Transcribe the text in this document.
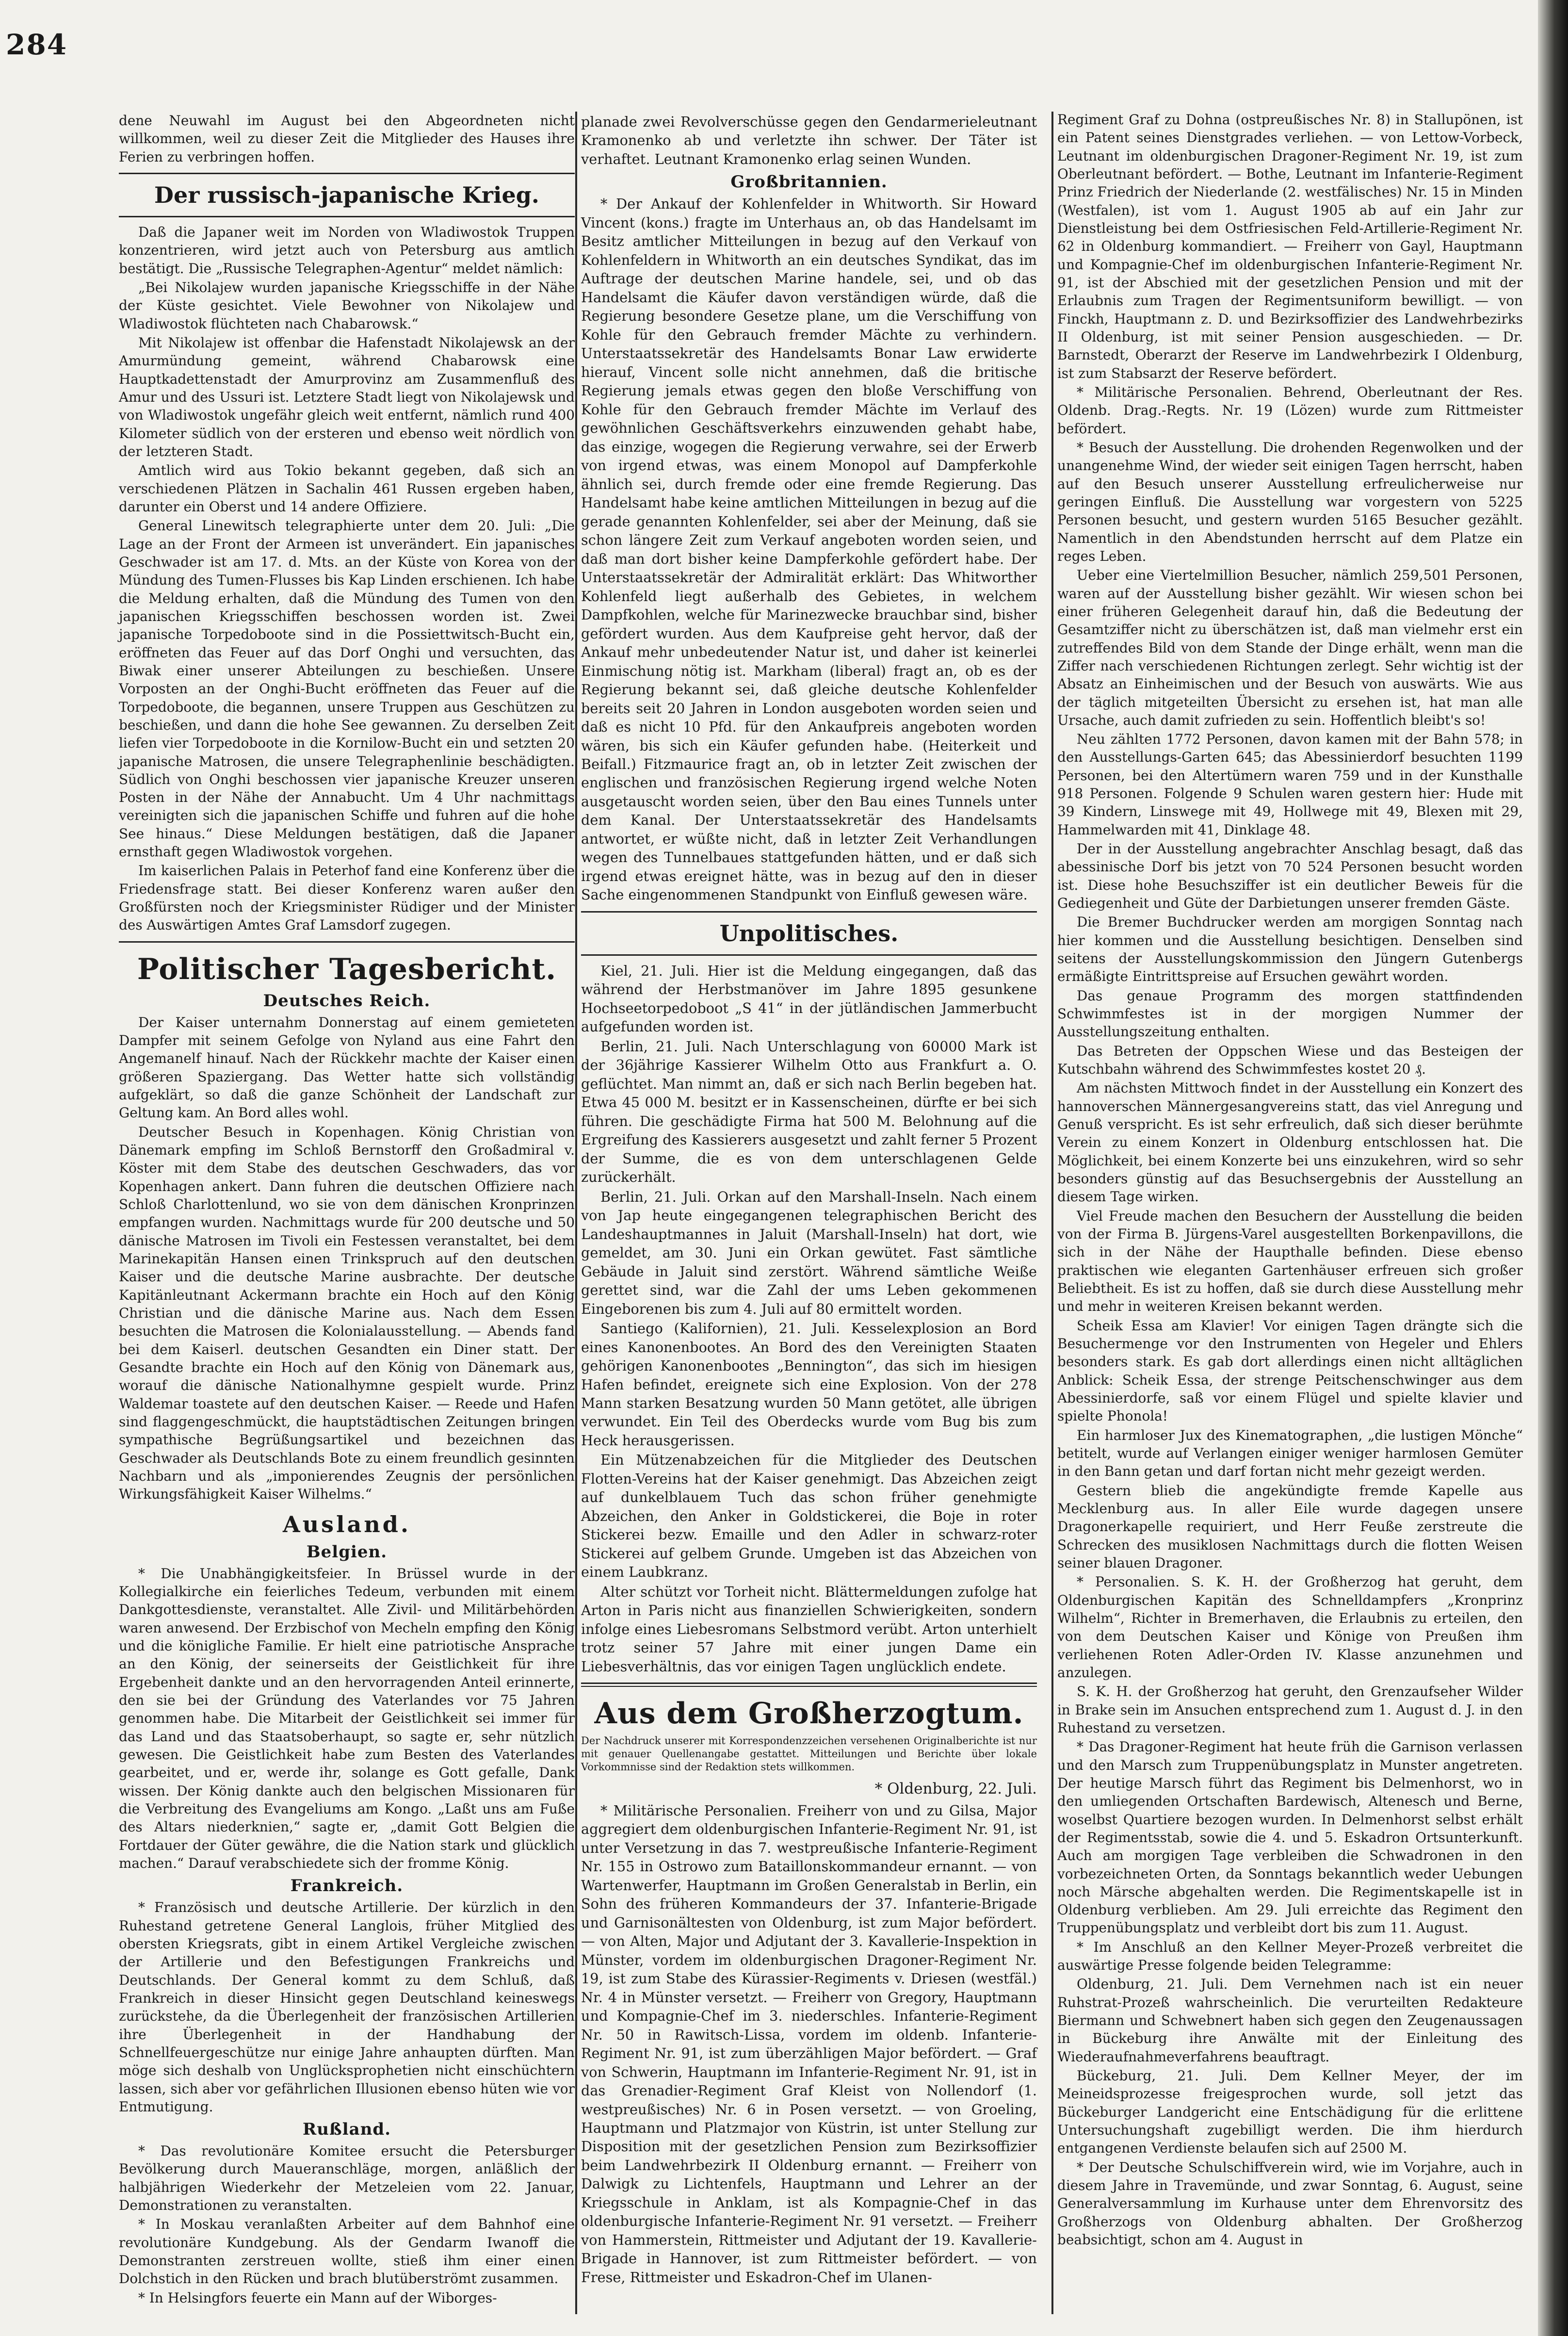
284

dene Neuwahl im August bei den Abgeordneten nicht willkommen, weil zu dieser Zeit die Mitglieder des Hauses ihre Ferien zu verbringen hoffen.

Der russisch-japanische Krieg.

Daß die Japaner weit im Norden von Wladiwostok Truppen konzentrieren, wird jetzt auch von Petersburg aus amtlich bestätigt. Die „Russische Telegraphen-Agentur“ meldet nämlich:

„Bei Nikolajew wurden japanische Kriegsschiffe in der Nähe der Küste gesichtet. Viele Bewohner von Nikolajew und Wladiwostok flüchteten nach Chabarowsk.“

Mit Nikolajew ist offenbar die Hafenstadt Nikolajewsk an der Amurmündung gemeint, während Chabarowsk eine Hauptkadettenstadt der Amurprovinz am Zusammenfluß des Amur und des Ussuri ist. Letztere Stadt liegt von Nikolajewsk und von Wladiwostok ungefähr gleich weit entfernt, nämlich rund 400 Kilometer südlich von der ersteren und ebenso weit nördlich von der letzteren Stadt.

Amtlich wird aus Tokio bekannt gegeben, daß sich an verschiedenen Plätzen in Sachalin 461 Russen ergeben haben, darunter ein Oberst und 14 andere Offiziere.

General Linewitsch telegraphierte unter dem 20. Juli: „Die Lage an der Front der Armeen ist unverändert. Ein japanisches Geschwader ist am 17. d. Mts. an der Küste von Korea von der Mündung des Tumen-Flusses bis Kap Linden erschienen. Ich habe die Meldung erhalten, daß die Mündung des Tumen von den japanischen Kriegsschiffen beschossen worden ist. Zwei japanische Torpedoboote sind in die Possiettwitsch-Bucht ein, eröffneten das Feuer auf das Dorf Onghi und versuchten, das Biwak einer unserer Abteilungen zu beschießen. Unsere Vorposten an der Onghi-Bucht eröffneten das Feuer auf die Torpedoboote, die begannen, unsere Truppen aus Geschützen zu beschießen, und dann die hohe See gewannen. Zu derselben Zeit liefen vier Torpedoboote in die Kornilow-Bucht ein und setzten 20 japanische Matrosen, die unsere Telegraphenlinie beschädigten. Südlich von Onghi beschossen vier japanische Kreuzer unseren Posten in der Nähe der Annabucht. Um 4 Uhr nachmittags vereinigten sich die japanischen Schiffe und fuhren auf die hohe See hinaus.“ Diese Meldungen bestätigen, daß die Japaner ernsthaft gegen Wladiwostok vorgehen.

Im kaiserlichen Palais in Peterhof fand eine Konferenz über die Friedensfrage statt. Bei dieser Konferenz waren außer den Großfürsten noch der Kriegsminister Rüdiger und der Minister des Auswärtigen Amtes Graf Lamsdorf zugegen.

Politischer Tagesbericht.
Deutsches Reich.

Der Kaiser unternahm Donnerstag auf einem gemieteten Dampfer mit seinem Gefolge von Nyland aus eine Fahrt den Angemanelf hinauf. Nach der Rückkehr machte der Kaiser einen größeren Spaziergang. Das Wetter hatte sich vollständig aufgeklärt, so daß die ganze Schönheit der Landschaft zur Geltung kam. An Bord alles wohl.

Deutscher Besuch in Kopenhagen. König Christian von Dänemark empfing im Schloß Bernstorff den Großadmiral v. Köster mit dem Stabe des deutschen Geschwaders, das vor Kopenhagen ankert. Dann fuhren die deutschen Offiziere nach Schloß Charlottenlund, wo sie von dem dänischen Kronprinzen empfangen wurden. Nachmittags wurde für 200 deutsche und 50 dänische Matrosen im Tivoli ein Festessen veranstaltet, bei dem Marinekapitän Hansen einen Trinkspruch auf den deutschen Kaiser und die deutsche Marine ausbrachte. Der deutsche Kapitänleutnant Ackermann brachte ein Hoch auf den König Christian und die dänische Marine aus. Nach dem Essen besuchten die Matrosen die Kolonialausstellung. — Abends fand bei dem Kaiserl. deutschen Gesandten ein Diner statt. Der Gesandte brachte ein Hoch auf den König von Dänemark aus, worauf die dänische Nationalhymne gespielt wurde. Prinz Waldemar toastete auf den deutschen Kaiser. — Reede und Hafen sind flaggengeschmückt, die hauptstädtischen Zeitungen bringen sympathische Begrüßungsartikel und bezeichnen das Geschwader als Deutschlands Bote zu einem freundlich gesinnten Nachbarn und als „imponierendes Zeugnis der persönlichen Wirkungsfähigkeit Kaiser Wilhelms.“

Ausland.
Belgien.

* Die Unabhängigkeitsfeier. In Brüssel wurde in der Kollegialkirche ein feierliches Tedeum, verbunden mit einem Dankgottesdienste, veranstaltet. Alle Zivil- und Militärbehörden waren anwesend. Der Erzbischof von Mecheln empfing den König und die königliche Familie. Er hielt eine patriotische Ansprache an den König, der seinerseits der Geistlichkeit für ihre Ergebenheit dankte und an den hervorragenden Anteil erinnerte, den sie bei der Gründung des Vaterlandes vor 75 Jahren genommen habe. Die Mitarbeit der Geistlichkeit sei immer für das Land und das Staatsoberhaupt, so sagte er, sehr nützlich gewesen. Die Geistlichkeit habe zum Besten des Vaterlandes gearbeitet, und er, werde ihr, solange es Gott gefalle, Dank wissen. Der König dankte auch den belgischen Missionaren für die Verbreitung des Evangeliums am Kongo. „Laßt uns am Fuße des Altars niederknien,“ sagte er, „damit Gott Belgien die Fortdauer der Güter gewähre, die die Nation stark und glücklich machen.“ Darauf verabschiedete sich der fromme König.

Frankreich.

* Französisch und deutsche Artillerie. Der kürzlich in den Ruhestand getretene General Langlois, früher Mitglied des obersten Kriegsrats, gibt in einem Artikel Vergleiche zwischen der Artillerie und den Befestigungen Frankreichs und Deutschlands. Der General kommt zu dem Schluß, daß Frankreich in dieser Hinsicht gegen Deutschland keineswegs zurückstehe, da die Überlegenheit der französischen Artillerien ihre Überlegenheit in der Handhabung der Schnellfeuergeschütze nur einige Jahre anhaupten dürften. Man möge sich deshalb von Unglücksprophetien nicht einschüchtern lassen, sich aber vor gefährlichen Illusionen ebenso hüten wie vor Entmutigung.

Rußland.

* Das revolutionäre Komitee ersucht die Petersburger Bevölkerung durch Maueranschläge, morgen, anläßlich der halbjährigen Wiederkehr der Metzeleien vom 22. Januar, Demonstrationen zu veranstalten.

* In Moskau veranlaßten Arbeiter auf dem Bahnhof eine revolutionäre Kundgebung. Als der Gendarm Iwanoff die Demonstranten zerstreuen wollte, stieß ihm einer einen Dolchstich in den Rücken und brach blutüberströmt zusammen.

* In Helsingfors feuerte ein Mann auf der Wiborges-

planade zwei Revolverschüsse gegen den Gendarmerieleutnant Kramonenko ab und verletzte ihn schwer. Der Täter ist verhaftet. Leutnant Kramonenko erlag seinen Wunden.

Großbritannien.

* Der Ankauf der Kohlenfelder in Whitworth. Sir Howard Vincent (kons.) fragte im Unterhaus an, ob das Handelsamt im Besitz amtlicher Mitteilungen in bezug auf den Verkauf von Kohlenfeldern in Whitworth an ein deutsches Syndikat, das im Auftrage der deutschen Marine handele, sei, und ob das Handelsamt die Käufer davon verständigen würde, daß die Regierung besondere Gesetze plane, um die Verschiffung von Kohle für den Gebrauch fremder Mächte zu verhindern. Unterstaatssekretär des Handelsamts Bonar Law erwiderte hierauf, Vincent solle nicht annehmen, daß die britische Regierung jemals etwas gegen den bloße Verschiffung von Kohle für den Gebrauch fremder Mächte im Verlauf des gewöhnlichen Geschäftsverkehrs einzuwenden gehabt habe, das einzige, wogegen die Regierung verwahre, sei der Erwerb von irgend etwas, was einem Monopol auf Dampferkohle ähnlich sei, durch fremde oder eine fremde Regierung. Das Handelsamt habe keine amtlichen Mitteilungen in bezug auf die gerade genannten Kohlenfelder, sei aber der Meinung, daß sie schon längere Zeit zum Verkauf angeboten worden seien, und daß man dort bisher keine Dampferkohle gefördert habe. Der Unterstaatssekretär der Admiralität erklärt: Das Whitworther Kohlenfeld liegt außerhalb des Gebietes, in welchem Dampfkohlen, welche für Marinezwecke brauchbar sind, bisher gefördert wurden. Aus dem Kaufpreise geht hervor, daß der Ankauf mehr unbedeutender Natur ist, und daher ist keinerlei Einmischung nötig ist. Markham (liberal) fragt an, ob es der Regierung bekannt sei, daß gleiche deutsche Kohlenfelder bereits seit 20 Jahren in London ausgeboten worden seien und daß es nicht 10 Pfd. für den Ankaufpreis angeboten worden wären, bis sich ein Käufer gefunden habe. (Heiterkeit und Beifall.) Fitzmaurice fragt an, ob in letzter Zeit zwischen der englischen und französischen Regierung irgend welche Noten ausgetauscht worden seien, über den Bau eines Tunnels unter dem Kanal. Der Unterstaatssekretär des Handelsamts antwortet, er wüßte nicht, daß in letzter Zeit Verhandlungen wegen des Tunnelbaues stattgefunden hätten, und er daß sich irgend etwas ereignet hätte, was in bezug auf den in dieser Sache eingenommenen Standpunkt von Einfluß gewesen wäre.

Unpolitisches.

Kiel, 21. Juli. Hier ist die Meldung eingegangen, daß das während der Herbstmanöver im Jahre 1895 gesunkene Hochseetorpedoboot „S 41“ in der jütländischen Jammerbucht aufgefunden worden ist.

Berlin, 21. Juli. Nach Unterschlagung von 60000 Mark ist der 36jährige Kassierer Wilhelm Otto aus Frankfurt a. O. geflüchtet. Man nimmt an, daß er sich nach Berlin begeben hat. Etwa 45 000 M. besitzt er in Kassenscheinen, dürfte er bei sich führen. Die geschädigte Firma hat 500 M. Belohnung auf die Ergreifung des Kassierers ausgesetzt und zahlt ferner 5 Prozent der Summe, die es von dem unterschlagenen Gelde zurückerhält.

Berlin, 21. Juli. Orkan auf den Marshall-Inseln. Nach einem von Jap heute eingegangenen telegraphischen Bericht des Landeshauptmannes in Jaluit (Marshall-Inseln) hat dort, wie gemeldet, am 30. Juni ein Orkan gewütet. Fast sämtliche Gebäude in Jaluit sind zerstört. Während sämtliche Weiße gerettet sind, war die Zahl der ums Leben gekommenen Eingeborenen bis zum 4. Juli auf 80 ermittelt worden.

Santiego (Kalifornien), 21. Juli. Kesselexplosion an Bord eines Kanonenbootes. An Bord des den Vereinigten Staaten gehörigen Kanonenbootes „Bennington“, das sich im hiesigen Hafen befindet, ereignete sich eine Explosion. Von der 278 Mann starken Besatzung wurden 50 Mann getötet, alle übrigen verwundet. Ein Teil des Oberdecks wurde vom Bug bis zum Heck herausgerissen.

Ein Mützenabzeichen für die Mitglieder des Deutschen Flotten-Vereins hat der Kaiser genehmigt. Das Abzeichen zeigt auf dunkelblauem Tuch das schon früher genehmigte Abzeichen, den Anker in Goldstickerei, die Boje in roter Stickerei bezw. Emaille und den Adler in schwarz-roter Stickerei auf gelbem Grunde. Umgeben ist das Abzeichen von einem Laubkranz.

Alter schützt vor Torheit nicht. Blättermeldungen zufolge hat Arton in Paris nicht aus finanziellen Schwierigkeiten, sondern infolge eines Liebesromans Selbstmord verübt. Arton unterhielt trotz seiner 57 Jahre mit einer jungen Dame ein Liebesverhältnis, das vor einigen Tagen unglücklich endete.

Aus dem Großherzogtum.
Der Nachdruck unserer mit Korrespondenzzeichen versehenen Originalberichte ist nur mit genauer Quellenangabe gestattet. Mitteilungen und Berichte über lokale Vorkommnisse sind der Redaktion stets willkommen.
* Oldenburg, 22. Juli.

* Militärische Personalien. Freiherr von und zu Gilsa, Major aggregiert dem oldenburgischen Infanterie-Regiment Nr. 91, ist unter Versetzung in das 7. westpreußische Infanterie-Regiment Nr. 155 in Ostrowo zum Bataillonskommandeur ernannt. — von Wartenwerfer, Hauptmann im Großen Generalstab in Berlin, ein Sohn des früheren Kommandeurs der 37. Infanterie-Brigade und Garnisonältesten von Oldenburg, ist zum Major befördert. — von Alten, Major und Adjutant der 3. Kavallerie-Inspektion in Münster, vordem im oldenburgischen Dragoner-Regiment Nr. 19, ist zum Stabe des Kürassier-Regiments v. Driesen (westfäl.) Nr. 4 in Münster versetzt. — Freiherr von Gregory, Hauptmann und Kompagnie-Chef im 3. niederschles. Infanterie-Regiment Nr. 50 in Rawitsch-Lissa, vordem im oldenb. Infanterie-Regiment Nr. 91, ist zum überzähligen Major befördert. — Graf von Schwerin, Hauptmann im Infanterie-Regiment Nr. 91, ist in das Grenadier-Regiment Graf Kleist von Nollendorf (1. westpreußisches) Nr. 6 in Posen versetzt. — von Groeling, Hauptmann und Platzmajor von Küstrin, ist unter Stellung zur Disposition mit der gesetzlichen Pension zum Bezirksoffizier beim Landwehrbezirk II Oldenburg ernannt. — Freiherr von Dalwigk zu Lichtenfels, Hauptmann und Lehrer an der Kriegsschule in Anklam, ist als Kompagnie-Chef in das oldenburgische Infanterie-Regiment Nr. 91 versetzt. — Freiherr von Hammerstein, Rittmeister und Adjutant der 19. Kavallerie-Brigade in Hannover, ist zum Rittmeister befördert. — von Frese, Rittmeister und Eskadron-Chef im Ulanen-

Regiment Graf zu Dohna (ostpreußisches Nr. 8) in Stallupönen, ist ein Patent seines Dienstgrades verliehen. — von Lettow-Vorbeck, Leutnant im oldenburgischen Dragoner-Regiment Nr. 19, ist zum Oberleutnant befördert. — Bothe, Leutnant im Infanterie-Regiment Prinz Friedrich der Niederlande (2. westfälisches) Nr. 15 in Minden (Westfalen), ist vom 1. August 1905 ab auf ein Jahr zur Dienstleistung bei dem Ostfriesischen Feld-Artillerie-Regiment Nr. 62 in Oldenburg kommandiert. — Freiherr von Gayl, Hauptmann und Kompagnie-Chef im oldenburgischen Infanterie-Regiment Nr. 91, ist der Abschied mit der gesetzlichen Pension und mit der Erlaubnis zum Tragen der Regimentsuniform bewilligt. — von Finckh, Hauptmann z. D. und Bezirksoffizier des Landwehrbezirks II Oldenburg, ist mit seiner Pension ausgeschieden. — Dr. Barnstedt, Oberarzt der Reserve im Landwehrbezirk I Oldenburg, ist zum Stabsarzt der Reserve befördert.

* Militärische Personalien. Behrend, Oberleutnant der Res. Oldenb. Drag.-Regts. Nr. 19 (Lözen) wurde zum Rittmeister befördert.

* Besuch der Ausstellung. Die drohenden Regenwolken und der unangenehme Wind, der wieder seit einigen Tagen herrscht, haben auf den Besuch unserer Ausstellung erfreulicherweise nur geringen Einfluß. Die Ausstellung war vorgestern von 5225 Personen besucht, und gestern wurden 5165 Besucher gezählt. Namentlich in den Abendstunden herrscht auf dem Platze ein reges Leben.

Ueber eine Viertelmillion Besucher, nämlich 259,501 Personen, waren auf der Ausstellung bisher gezählt. Wir wiesen schon bei einer früheren Gelegenheit darauf hin, daß die Bedeutung der Gesamtziffer nicht zu überschätzen ist, daß man vielmehr erst ein zutreffendes Bild von dem Stande der Dinge erhält, wenn man die Ziffer nach verschiedenen Richtungen zerlegt. Sehr wichtig ist der Absatz an Einheimischen und der Besuch von auswärts. Wie aus der täglich mitgeteilten Übersicht zu ersehen ist, hat man alle Ursache, auch damit zufrieden zu sein. Hoffentlich bleibt's so!

Neu zählten 1772 Personen, davon kamen mit der Bahn 578; in den Ausstellungs-Garten 645; das Abessinierdorf besuchten 1199 Personen, bei den Altertümern waren 759 und in der Kunsthalle 918 Personen. Folgende 9 Schulen waren gestern hier: Hude mit 39 Kindern, Linswege mit 49, Hollwege mit 49, Blexen mit 29, Hammelwarden mit 41, Dinklage 48.

Der in der Ausstellung angebrachter Anschlag besagt, daß das abessinische Dorf bis jetzt von 70 524 Personen besucht worden ist. Diese hohe Besuchsziffer ist ein deutlicher Beweis für die Gediegenheit und Güte der Darbietungen unserer fremden Gäste.

Die Bremer Buchdrucker werden am morgigen Sonntag nach hier kommen und die Ausstellung besichtigen. Denselben sind seitens der Ausstellungskommission den Jüngern Gutenbergs ermäßigte Eintrittspreise auf Ersuchen gewährt worden.

Das genaue Programm des morgen stattfindenden Schwimmfestes ist in der morgigen Nummer der Ausstellungszeitung enthalten.

Das Betreten der Oppschen Wiese und das Besteigen der Kutschbahn während des Schwimmfestes kostet 20 ₰.

Am nächsten Mittwoch findet in der Ausstellung ein Konzert des hannoverschen Männergesangvereins statt, das viel Anregung und Genuß verspricht. Es ist sehr erfreulich, daß sich dieser berühmte Verein zu einem Konzert in Oldenburg entschlossen hat. Die Möglichkeit, bei einem Konzerte bei uns einzukehren, wird so sehr besonders günstig auf das Besuchsergebnis der Ausstellung an diesem Tage wirken.

Viel Freude machen den Besuchern der Ausstellung die beiden von der Firma B. Jürgens-Varel ausgestellten Borkenpavillons, die sich in der Nähe der Haupthalle befinden. Diese ebenso praktischen wie eleganten Gartenhäuser erfreuen sich großer Beliebtheit. Es ist zu hoffen, daß sie durch diese Ausstellung mehr und mehr in weiteren Kreisen bekannt werden.

Scheik Essa am Klavier! Vor einigen Tagen drängte sich die Besuchermenge vor den Instrumenten von Hegeler und Ehlers besonders stark. Es gab dort allerdings einen nicht alltäglichen Anblick: Scheik Essa, der strenge Peitschenschwinger aus dem Abessinierdorfe, saß vor einem Flügel und spielte klavier und spielte Phonola!

Ein harmloser Jux des Kinematographen, „die lustigen Mönche“ betitelt, wurde auf Verlangen einiger weniger harmlosen Gemüter in den Bann getan und darf fortan nicht mehr gezeigt werden.

Gestern blieb die angekündigte fremde Kapelle aus Mecklenburg aus. In aller Eile wurde dagegen unsere Dragonerkapelle requiriert, und Herr Feuße zerstreute die Schrecken des musiklosen Nachmittags durch die flotten Weisen seiner blauen Dragoner.

* Personalien. S. K. H. der Großherzog hat geruht, dem Oldenburgischen Kapitän des Schnelldampfers „Kronprinz Wilhelm“, Richter in Bremerhaven, die Erlaubnis zu erteilen, den von dem Deutschen Kaiser und Könige von Preußen ihm verliehenen Roten Adler-Orden IV. Klasse anzunehmen und anzulegen.

S. K. H. der Großherzog hat geruht, den Grenzaufseher Wilder in Brake sein im Ansuchen entsprechend zum 1. August d. J. in den Ruhestand zu versetzen.

* Das Dragoner-Regiment hat heute früh die Garnison verlassen und den Marsch zum Truppenübungsplatz in Munster angetreten. Der heutige Marsch führt das Regiment bis Delmenhorst, wo in den umliegenden Ortschaften Bardewisch, Altenesch und Berne, woselbst Quartiere bezogen wurden. In Delmenhorst selbst erhält der Regimentsstab, sowie die 4. und 5. Eskadron Ortsunterkunft. Auch am morgigen Tage verbleiben die Schwadronen in den vorbezeichneten Orten, da Sonntags bekanntlich weder Uebungen noch Märsche abgehalten werden. Die Regimentskapelle ist in Oldenburg verblieben. Am 29. Juli erreichte das Regiment den Truppenübungsplatz und verbleibt dort bis zum 11. August.

* Im Anschluß an den Kellner Meyer-Prozeß verbreitet die auswärtige Presse folgende beiden Telegramme:

Oldenburg, 21. Juli. Dem Vernehmen nach ist ein neuer Ruhstrat-Prozeß wahrscheinlich. Die verurteilten Redakteure Biermann und Schwebnert haben sich gegen den Zeugenaussagen in Bückeburg ihre Anwälte mit der Einleitung des Wiederaufnahmeverfahrens beauftragt.

Bückeburg, 21. Juli. Dem Kellner Meyer, der im Meineidsprozesse freigesprochen wurde, soll jetzt das Bückeburger Landgericht eine Entschädigung für die erlittene Untersuchungshaft zugebilligt werden. Die ihm hierdurch entgangenen Verdienste belaufen sich auf 2500 M.

* Der Deutsche Schulschiffverein wird, wie im Vorjahre, auch in diesem Jahre in Travemünde, und zwar Sonntag, 6. August, seine Generalversammlung im Kurhause unter dem Ehrenvorsitz des Großherzogs von Oldenburg abhalten. Der Großherzog beabsichtigt, schon am 4. August in
